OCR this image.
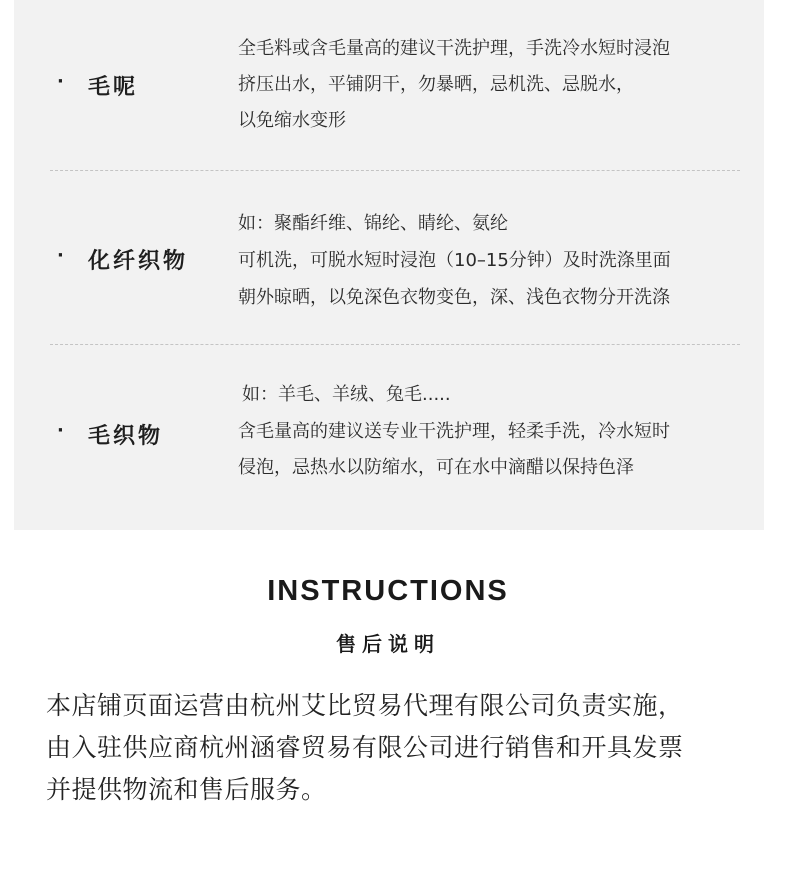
· 毛呢
全毛料或含毛量高的建议干洗护理，手洗冷水短时浸泡
挤压出水，平铺阴干，勿暴晒，忌机洗、忌脱水，
以免缩水变形
· 化纤织物
如：聚酯纤维、锦纶、睛纶、氨纶
可机洗，可脱水短时浸泡（10–15分钟）及时洗涤里面
朝外晾晒，以免深色衣物变色，深、浅色衣物分开洗涤
· 毛织物
如：羊毛、羊绒、兔毛.....
含毛量高的建议送专业干洗护理，轻柔手洗，冷水短时
侵泡，忌热水以防缩水，可在水中滴醋以保持色泽
INSTRUCTIONS
售后说明
本店铺页面运营由杭州艾比贸易代理有限公司负责实施，
由入驻供应商杭州涵睿贸易有限公司进行销售和开具发票
并提供物流和售后服务。
